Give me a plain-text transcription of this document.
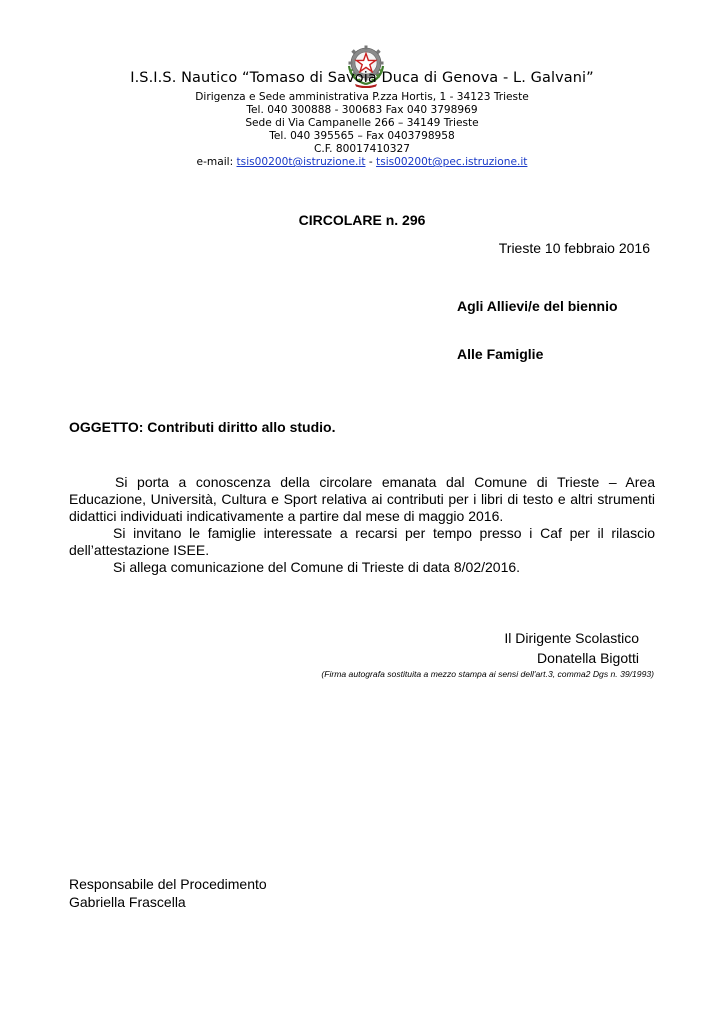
I.S.I.S. Nautico “Tomaso di Savoia Duca di Genova - L. Galvani”
Dirigenza e Sede amministrativa P.zza Hortis, 1 - 34123 Trieste
Tel. 040 300888 - 300683 Fax 040 3798969
Sede di Via Campanelle 266 – 34149 Trieste
Tel. 040 395565 – Fax 0403798958
C.F. 80017410327
e-mail: tsis00200t@istruzione.it - tsis00200t@pec.istruzione.it
CIRCOLARE n. 296
Trieste 10 febbraio 2016
Agli Allievi/e del biennio
Alle Famiglie
OGGETTO: Contributi diritto allo studio.

Si porta a conoscenza della circolare emanata dal Comune di Trieste – Area Educazione, Università, Cultura e Sport relativa ai contributi per i libri di testo e altri strumenti didattici individuati indicativamente a partire dal mese di maggio 2016.

Si invitano le famiglie interessate a recarsi per tempo presso i Caf per il rilascio dell’attestazione ISEE.

Si allega comunicazione del Comune di Trieste di data 8/02/2016.

Il Dirigente Scolastico
Donatella Bigotti
(Firma autografa sostituita a mezzo stampa ai sensi dell'art.3, comma2 Dgs n. 39/1993)
Responsabile del Procedimento
Gabriella Frascella
